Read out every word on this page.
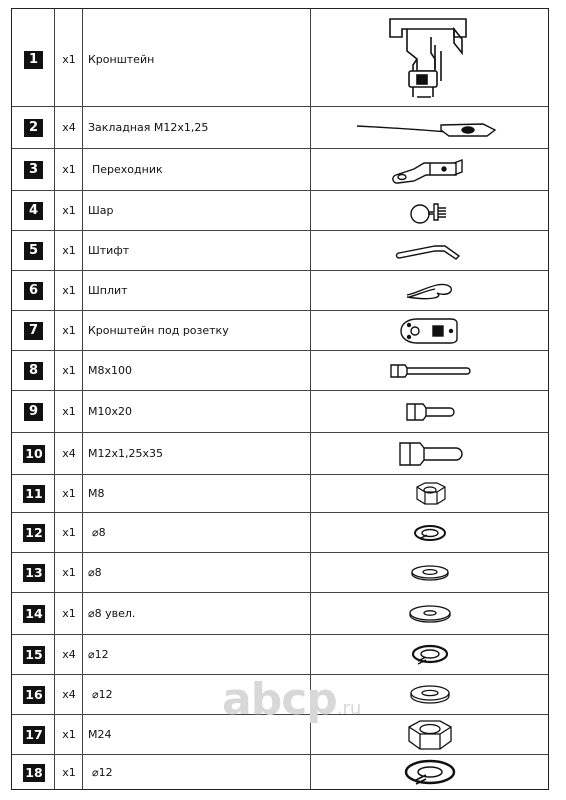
1	x1	Кронштейн
2	x4	Закладная М12х1,25
3	x1	Переходник
4	x1	Шар
5	x1	Штифт
6	x1	Шплит
7	x1	Кронштейн под розетку
8	x1	М8х100
9	x1	М10х20
10	x4	М12х1,25х35
11	x1	М8
12	x1	⌀8
13	x1	⌀8
14	x1	⌀8 увел.
15	x4	⌀12
16	x4	⌀12
17	x1	М24
18	x1	⌀12
abcp.ru
